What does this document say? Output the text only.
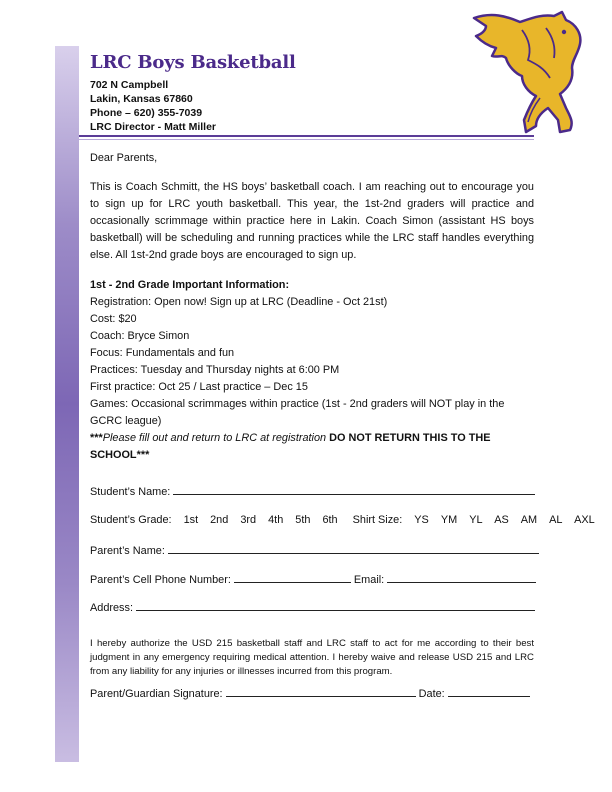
LRC Boys Basketball
702 N Campbell
Lakin, Kansas 67860
Phone – 620) 355-7039
LRC Director - Matt Miller

Dear Parents,

This is Coach Schmitt, the HS boys’ basketball coach. I am reaching out to encourage you to sign up for LRC youth basketball. This year, the 1st-2nd graders will practice and occasionally scrimmage within practice here in Lakin. Coach Simon (assistant HS boys basketball) will be scheduling and running practices while the LRC staff handles everything else. All 1st-2nd grade boys are encouraged to sign up.

1st - 2nd Grade Important Information:

Registration: Open now! Sign up at LRC (Deadline - Oct 21st)

Cost: $20

Coach: Bryce Simon

Focus: Fundamentals and fun

Practices: Tuesday and Thursday nights at 6:00 PM

First practice: Oct 25 / Last practice – Dec 15

Games: Occasional scrimmages within practice (1st - 2nd graders will NOT play in the GCRC league)

***Please fill out and return to LRC at registration DO NOT RETURN THIS TO THE SCHOOL***

Student’s Name:
Student’s Grade: 1st 2nd 3rd 4th 5th 6th Shirt Size: YS YM YL AS AM AL AXL
Parent’s Name:
Parent’s Cell Phone Number:	Email:
Address:

I hereby authorize the USD 215 basketball staff and LRC staff to act for me according to their best judgment in any emergency requiring medical attention. I hereby waive and release USD 215 and LRC from any liability for any injuries or illnesses incurred from this program.

Parent/Guardian Signature:	Date:
